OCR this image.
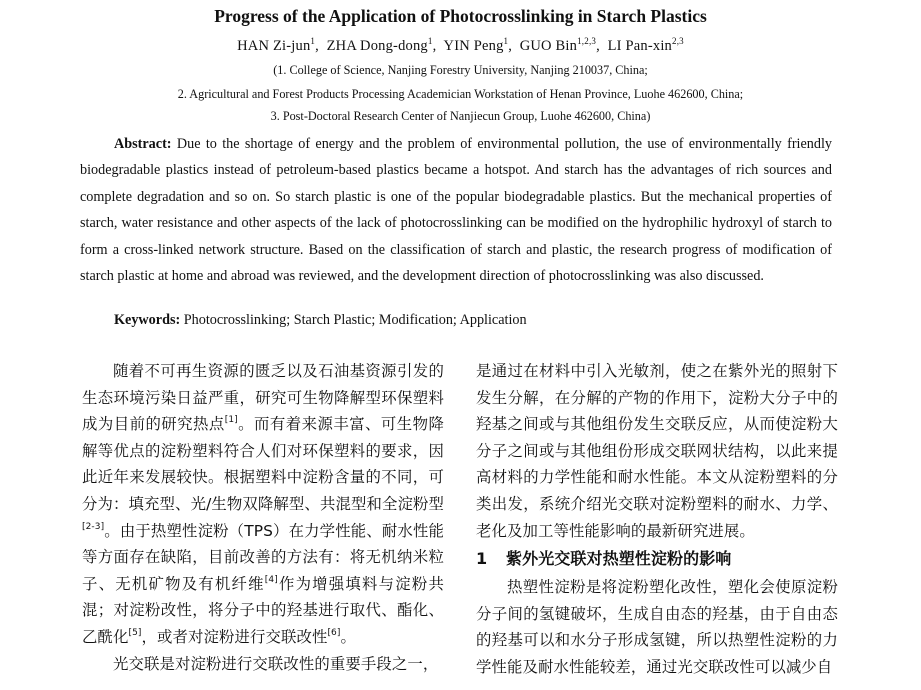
Progress of the Application of Photocrosslinking in Starch Plastics
HAN Zi-jun$^1$,  ZHA Dong-dong$^1$,  YIN Peng$^1$,  GUO Bin$^{1,2,3}$,  LI Pan-xin$^{2,3}$
(1. College of Science, Nanjing Forestry University, Nanjing 210037, China;
2. Agricultural and Forest Products Processing Academician Workstation of Henan Province, Luohe 462600, China;
3. Post-Doctoral Research Center of Nanjiecun Group, Luohe 462600, China)
Abstract: Due to the shortage of energy and the problem of environmental pollution, the use of environmentally friendly biodegradable plastics instead of petroleum-based plastics became a hotspot. And starch has the advantages of rich sources and complete degradation and so on. So starch plastic is one of the popular biodegradable plastics. But the mechanical properties of starch, water resistance and other aspects of the lack of photocrosslinking can be modified on the hydrophilic hydroxyl of starch to form a cross-linked network structure. Based on the classification of starch and plastic, the research progress of modification of starch plastic at home and abroad was reviewed, and the development direction of photocrosslinking was also discussed.
Keywords: Photocrosslinking; Starch Plastic; Modification; Application

随着不可再生资源的匮乏以及石油基资源引发的生态环境污染日益严重，研究可生物降解型环保塑料成为目前的研究热点[1]。而有着来源丰富、可生物降解等优点的淀粉塑料符合人们对环保塑料的要求，因此近年来发展较快。根据塑料中淀粉含量的不同，可分为：填充型、光/生物双降解型、共混型和全淀粉型[2-3]。由于热塑性淀粉（TPS）在力学性能、耐水性能等方面存在缺陷，目前改善的方法有：将无机纳米粒子、无机矿物及有机纤维[4]作为增强填料与淀粉共混；对淀粉改性，将分子中的羟基进行取代、酯化、乙酰化[5]，或者对淀粉进行交联改性[6]。

光交联是对淀粉进行交联改性的重要手段之一，

是通过在材料中引入光敏剂，使之在紫外光的照射下发生分解，在分解的产物的作用下，淀粉大分子中的羟基之间或与其他组份发生交联反应，从而使淀粉大分子之间或与其他组份形成交联网状结构，以此来提高材料的力学性能和耐水性能。本文从淀粉塑料的分类出发，系统介绍光交联对淀粉塑料的耐水、力学、老化及加工等性能影响的最新研究进展。

1 紫外光交联对热塑性淀粉的影响

热塑性淀粉是将淀粉塑化改性，塑化会使原淀粉分子间的氢键破坏，生成自由态的羟基，由于自由态的羟基可以和水分子形成氢键，所以热塑性淀粉的力学性能及耐水性能较差，通过光交联改性可以减少自
